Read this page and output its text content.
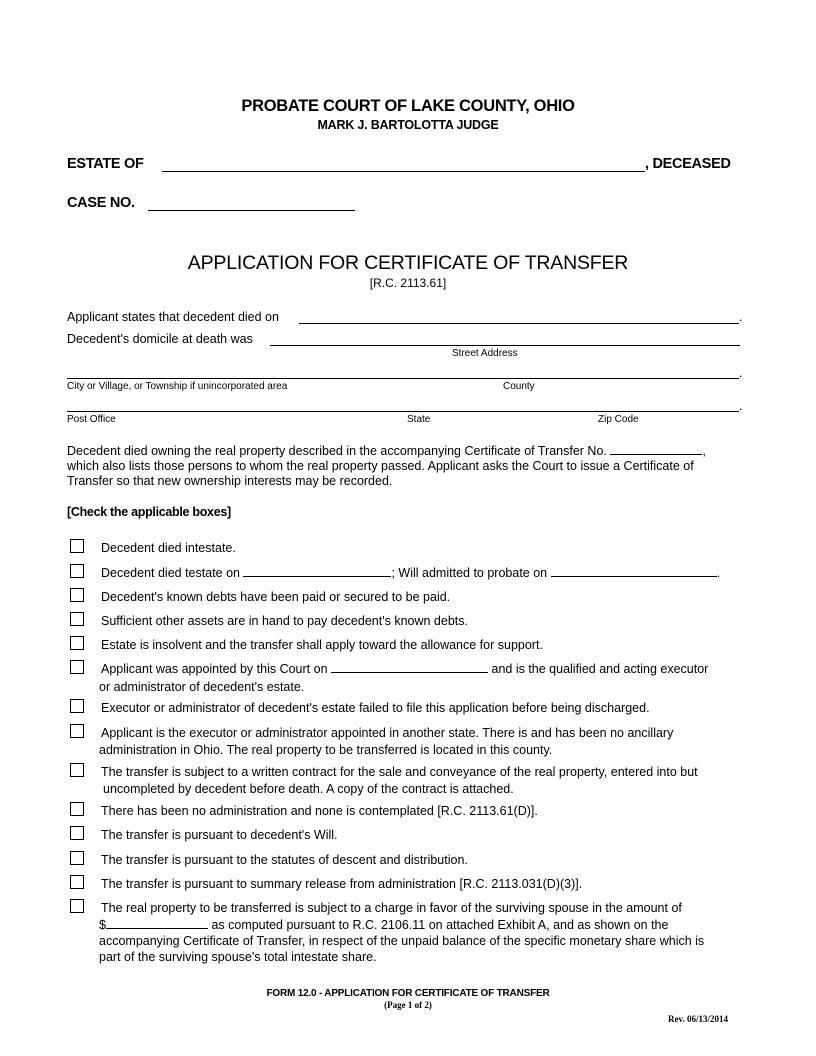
PROBATE COURT OF LAKE COUNTY, OHIO
MARK J. BARTOLOTTA JUDGE
ESTATE OF	, DECEASED
CASE NO.
APPLICATION FOR CERTIFICATE OF TRANSFER
[R.C. 2113.61]
Applicant states that decedent died on	.
Decedent's domicile at death was
Street Address
.
City or Village, or Township if unincorporated area	County
.
Post Office	State	Zip Code
Decedent died owning the real property described in the accompanying Certificate of Transfer No.	,
which also lists those persons to whom the real property passed. Applicant asks the Court to issue a Certificate of
Transfer so that new ownership interests may be recorded.
[Check the applicable boxes]
Decedent died intestate.
Decedent died testate on	; Will admitted to probate on	.
Decedent's known debts have been paid or secured to be paid.
Sufficient other assets are in hand to pay decedent's known debts.
Estate is insolvent and the transfer shall apply toward the allowance for support.
Applicant was appointed by this Court on	and is the qualified and acting executor
or administrator of decedent's estate.
Executor or administrator of decedent's estate failed to file this application before being discharged.
Applicant is the executor or administrator appointed in another state. There is and has been no ancillary
administration in Ohio. The real property to be transferred is located in this county.
The transfer is subject to a written contract for the sale and conveyance of the real property, entered into but
uncompleted by decedent before death. A copy of the contract is attached.
There has been no administration and none is contemplated [R.C. 2113.61(D)].
The transfer is pursuant to decedent's Will.
The transfer is pursuant to the statutes of descent and distribution.
The transfer is pursuant to summary release from administration [R.C. 2113.031(D)(3)].
The real property to be transferred is subject to a charge in favor of the surviving spouse in the amount of
$	as computed pursuant to R.C. 2106.11 on attached Exhibit A, and as shown on the
accompanying Certificate of Transfer, in respect of the unpaid balance of the specific monetary share which is
part of the surviving spouse's total intestate share.
FORM 12.0 - APPLICATION FOR CERTIFICATE OF TRANSFER
(Page 1 of 2)
Rev. 06/13/2014
